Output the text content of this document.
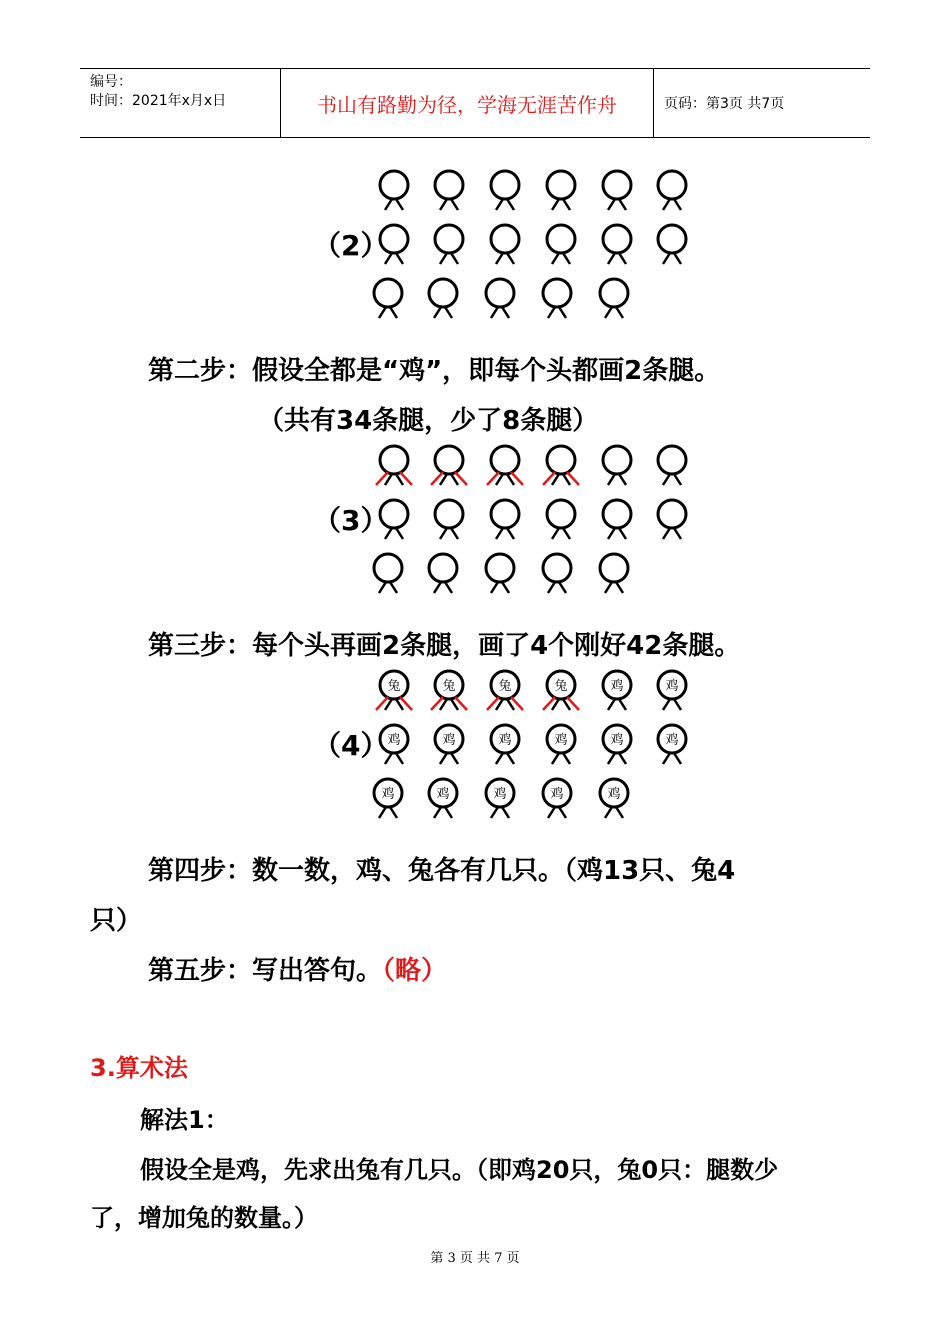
编号：
时间：2021年x月x日	书山有路勤为径，学海无涯苦作舟	页码：第3页 共7页
兔	兔	兔	兔	鸡	鸡
鸡	鸡	鸡	鸡	鸡	鸡
鸡	鸡	鸡	鸡	鸡
（2）
（3）
（4）
第二步：假设全都是“鸡”，即每个头都画2条腿。
（共有34条腿，少了8条腿）
第三步：每个头再画2条腿，画了4个刚好42条腿。
第四步：数一数，鸡、兔各有几只。（鸡13只、兔4
只）
第五步：写出答句。（略）
3.算术法
解法1：
假设全是鸡，先求出兔有几只。（即鸡20只，兔0只：腿数少
了，增加兔的数量。）
第 3 页 共 7 页
